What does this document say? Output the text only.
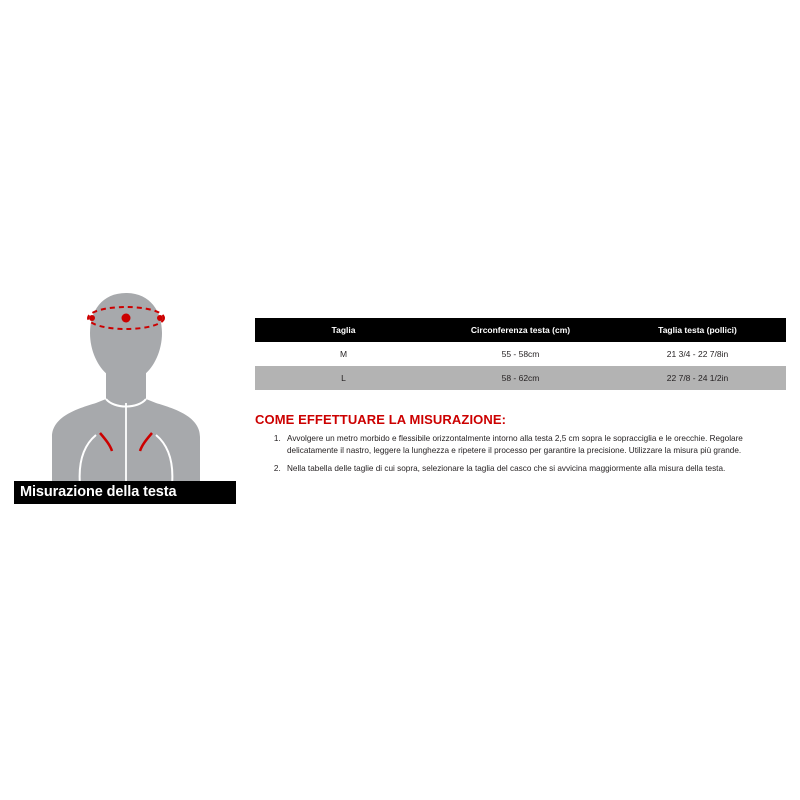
Misurazione della testa
Taglia	Circonferenza testa (cm)	Taglia testa (pollici)
M	55 - 58cm	21 3/4 - 22 7/8in
L	58 - 62cm	22 7/8 - 24 1/2in
COME EFFETTUARE LA MISURAZIONE:
1. Avvolgere un metro morbido e flessibile orizzontalmente intorno alla testa 2,5 cm sopra le sopracciglia e le orecchie. Regolare delicatamente il nastro, leggere la lunghezza e ripetere il processo per garantire la precisione. Utilizzare la misura più grande.
2. Nella tabella delle taglie di cui sopra, selezionare la taglia del casco che si avvicina maggiormente alla misura della testa.
